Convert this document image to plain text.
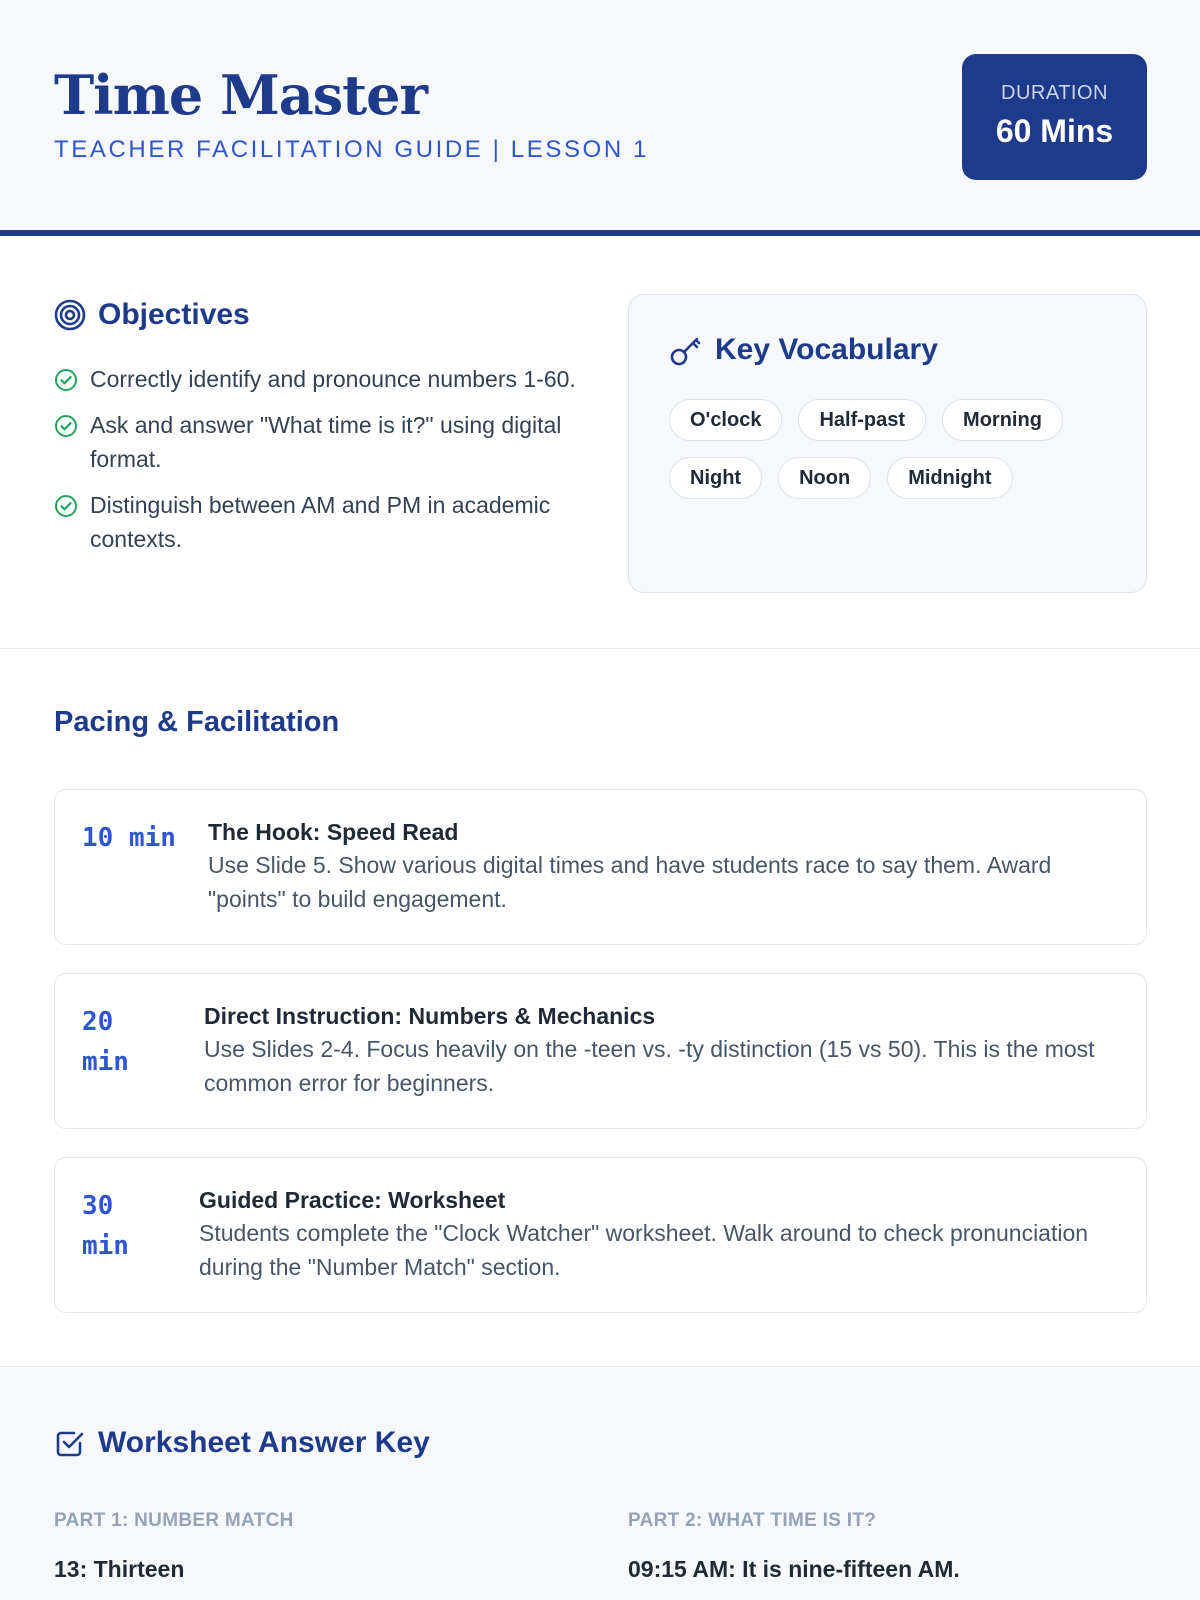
Time Master
TEACHER FACILITATION GUIDE | LESSON 1
DURATION
60 Mins
Objectives
Correctly identify and pronounce numbers 1-60.
Ask and answer "What time is it?" using digital format.
Distinguish between AM and PM in academic contexts.
Key Vocabulary
O'clock	Half-past	Morning
Night	Noon	Midnight
Pacing & Facilitation
10 min The Hook: Speed Read
Use Slide 5. Show various digital times and have students race to say them. Award "points" to build engagement.
20 min
Direct Instruction: Numbers & Mechanics
Use Slides 2-4. Focus heavily on the -teen vs. -ty distinction (15 vs 50). This is the most common error for beginners.
30 min
Guided Practice: Worksheet
Students complete the "Clock Watcher" worksheet. Walk around to check pronunciation during the "Number Match" section.
Worksheet Answer Key
PART 1: NUMBER MATCH	PART 2: WHAT TIME IS IT?
13: Thirteen	09:15 AM: It is nine-fifteen AM.
